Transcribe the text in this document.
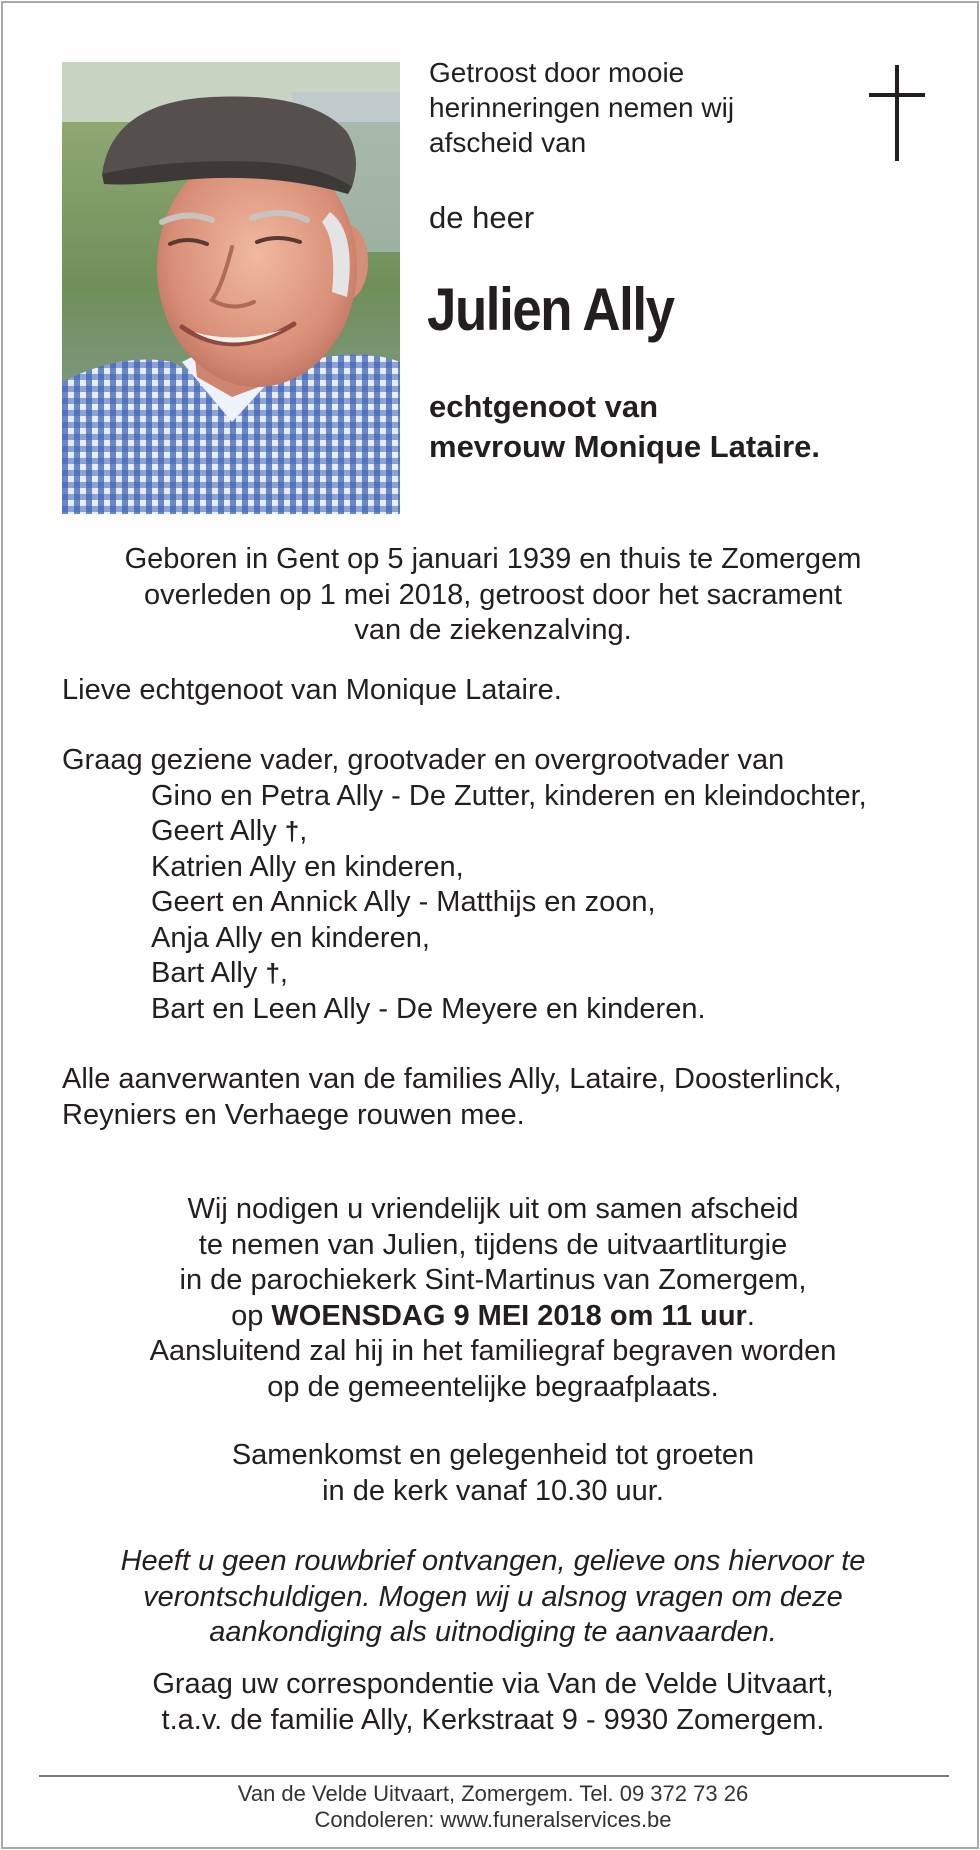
Getroost door mooie
herinneringen nemen wij
afscheid van
de heer
Julien Ally
echtgenoot van
mevrouw Monique Lataire.
Geboren in Gent op 5 januari 1939 en thuis te Zomergem
overleden op 1 mei 2018, getroost door het sacrament
van de ziekenzalving.
Lieve echtgenoot van Monique Lataire.
Graag geziene vader, grootvader en overgrootvader van
Gino en Petra Ally - De Zutter, kinderen en kleindochter,
Geert Ally †,
Katrien Ally en kinderen,
Geert en Annick Ally - Matthijs en zoon,
Anja Ally en kinderen,
Bart Ally †,
Bart en Leen Ally - De Meyere en kinderen.
Alle aanverwanten van de families Ally, Lataire, Doosterlinck,
Reyniers en Verhaege rouwen mee.
Wij nodigen u vriendelijk uit om samen afscheid
te nemen van Julien, tijdens de uitvaartliturgie
in de parochiekerk Sint-Martinus van Zomergem,
op WOENSDAG 9 MEI 2018 om 11 uur.
Aansluitend zal hij in het familiegraf begraven worden
op de gemeentelijke begraafplaats.
Samenkomst en gelegenheid tot groeten
in de kerk vanaf 10.30 uur.
Heeft u geen rouwbrief ontvangen, gelieve ons hiervoor te
verontschuldigen. Mogen wij u alsnog vragen om deze
aankondiging als uitnodiging te aanvaarden.
Graag uw correspondentie via Van de Velde Uitvaart,
t.a.v. de familie Ally, Kerkstraat 9 - 9930 Zomergem.
Van de Velde Uitvaart, Zomergem. Tel. 09 372 73 26
Condoleren: www.funeralservices.be
